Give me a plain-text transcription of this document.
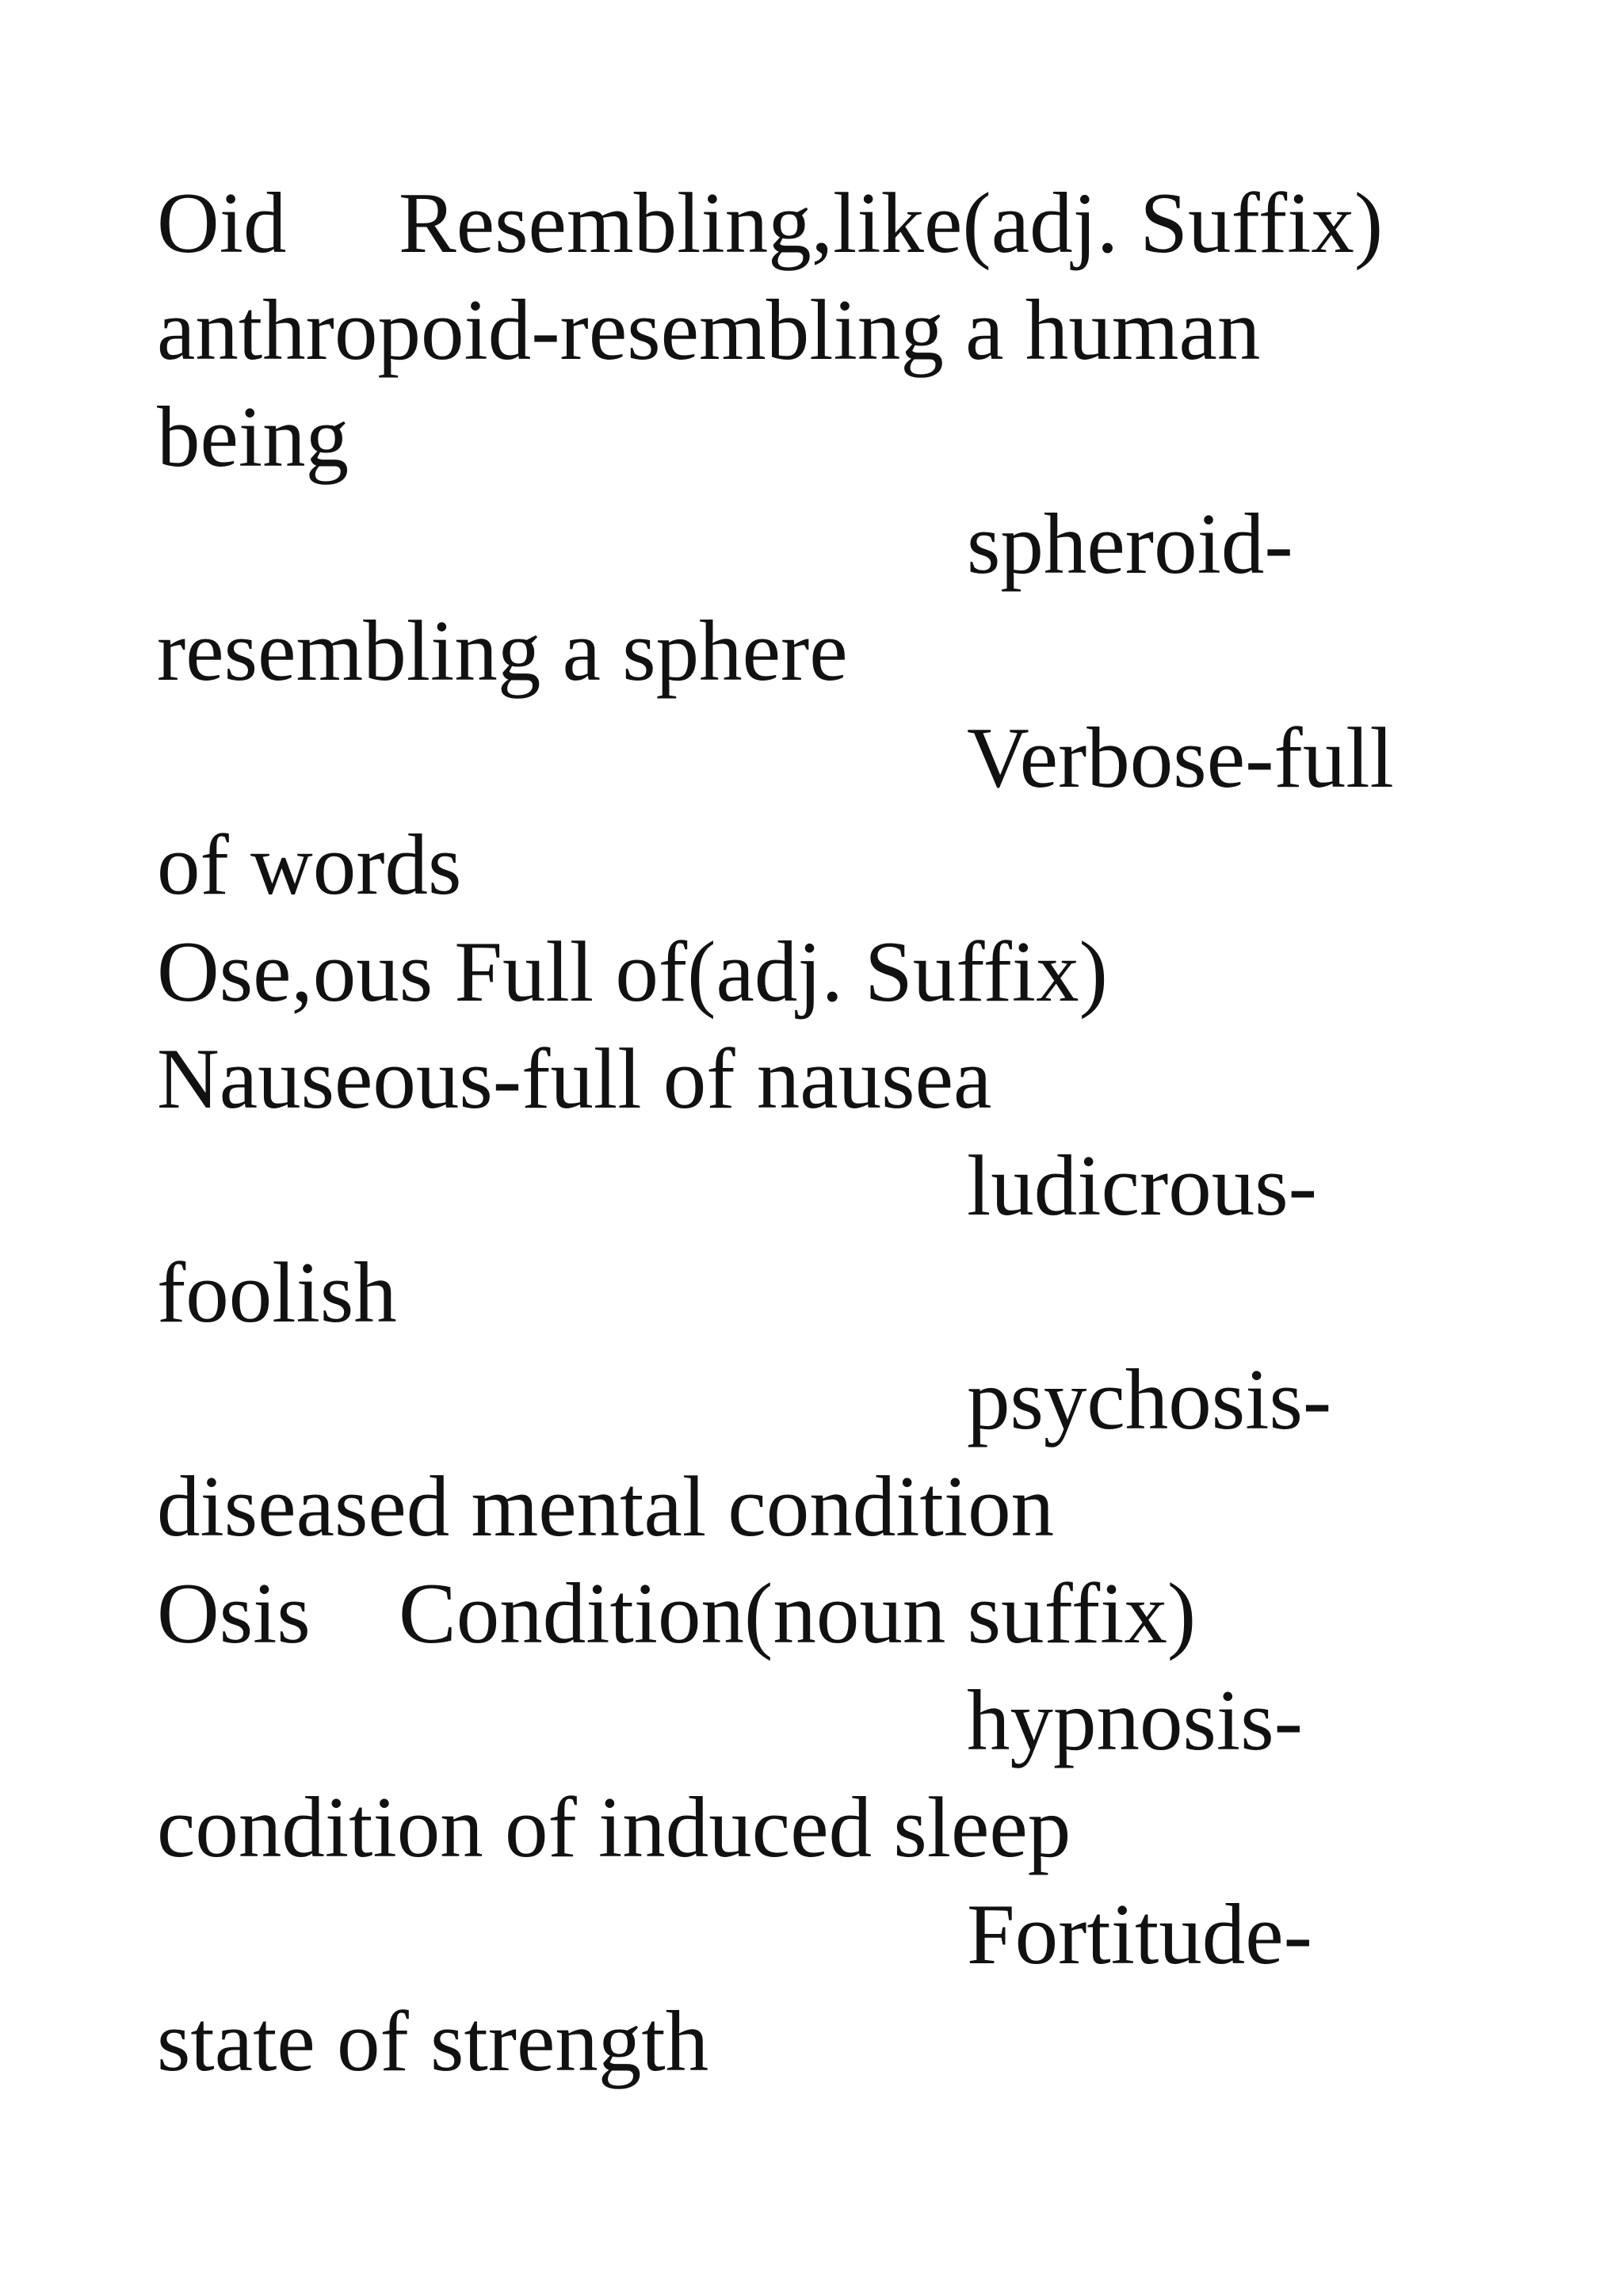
Oid Resembling,like(adj. Suffix)
anthropoid-resembling a human
being
spheroid-
resembling a sphere
Verbose-full
of words
Ose,ous Full of(adj. Suffix)
Nauseous-full of nausea
ludicrous-
foolish
psychosis-
diseased mental condition
Osis Condition(noun suffix)
hypnosis-
condition of induced sleep
Fortitude-
state of strength
